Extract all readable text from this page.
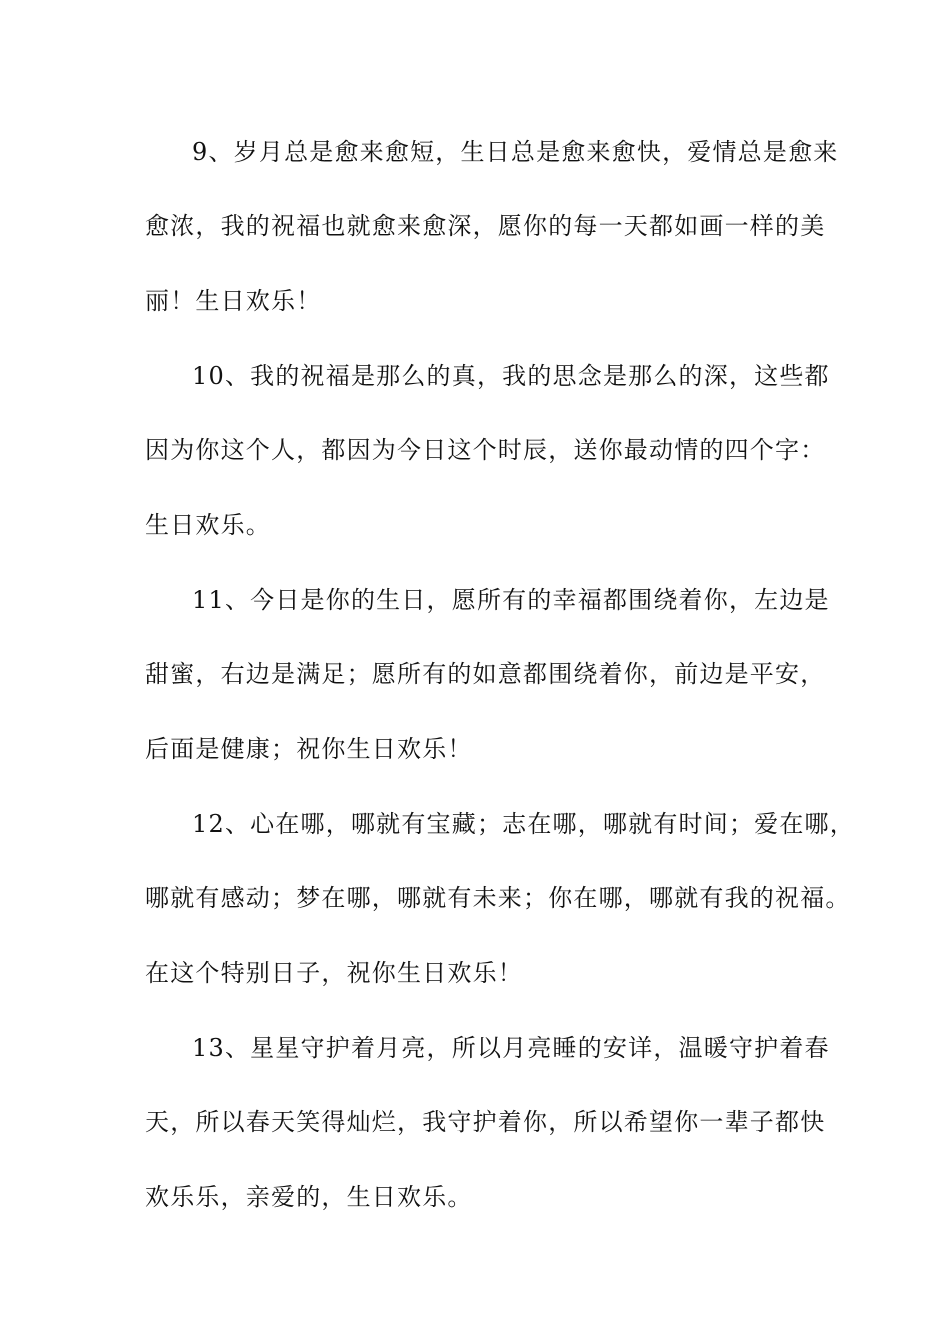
9、岁月总是愈来愈短，生日总是愈来愈快，爱情总是愈来
愈浓，我的祝福也就愈来愈深，愿你的每一天都如画一样的美
丽！生日欢乐！
10、我的祝福是那么的真，我的思念是那么的深，这些都
因为你这个人，都因为今日这个时辰，送你最动情的四个字：
生日欢乐。
11、今日是你的生日，愿所有的幸福都围绕着你，左边是
甜蜜，右边是满足；愿所有的如意都围绕着你，前边是平安，
后面是健康；祝你生日欢乐！
12、心在哪，哪就有宝藏；志在哪，哪就有时间；爱在哪，
哪就有感动；梦在哪，哪就有未来；你在哪，哪就有我的祝福。
在这个特别日子，祝你生日欢乐！
13、星星守护着月亮，所以月亮睡的安详，温暖守护着春
天，所以春天笑得灿烂，我守护着你，所以希望你一辈子都快
欢乐乐，亲爱的，生日欢乐。
